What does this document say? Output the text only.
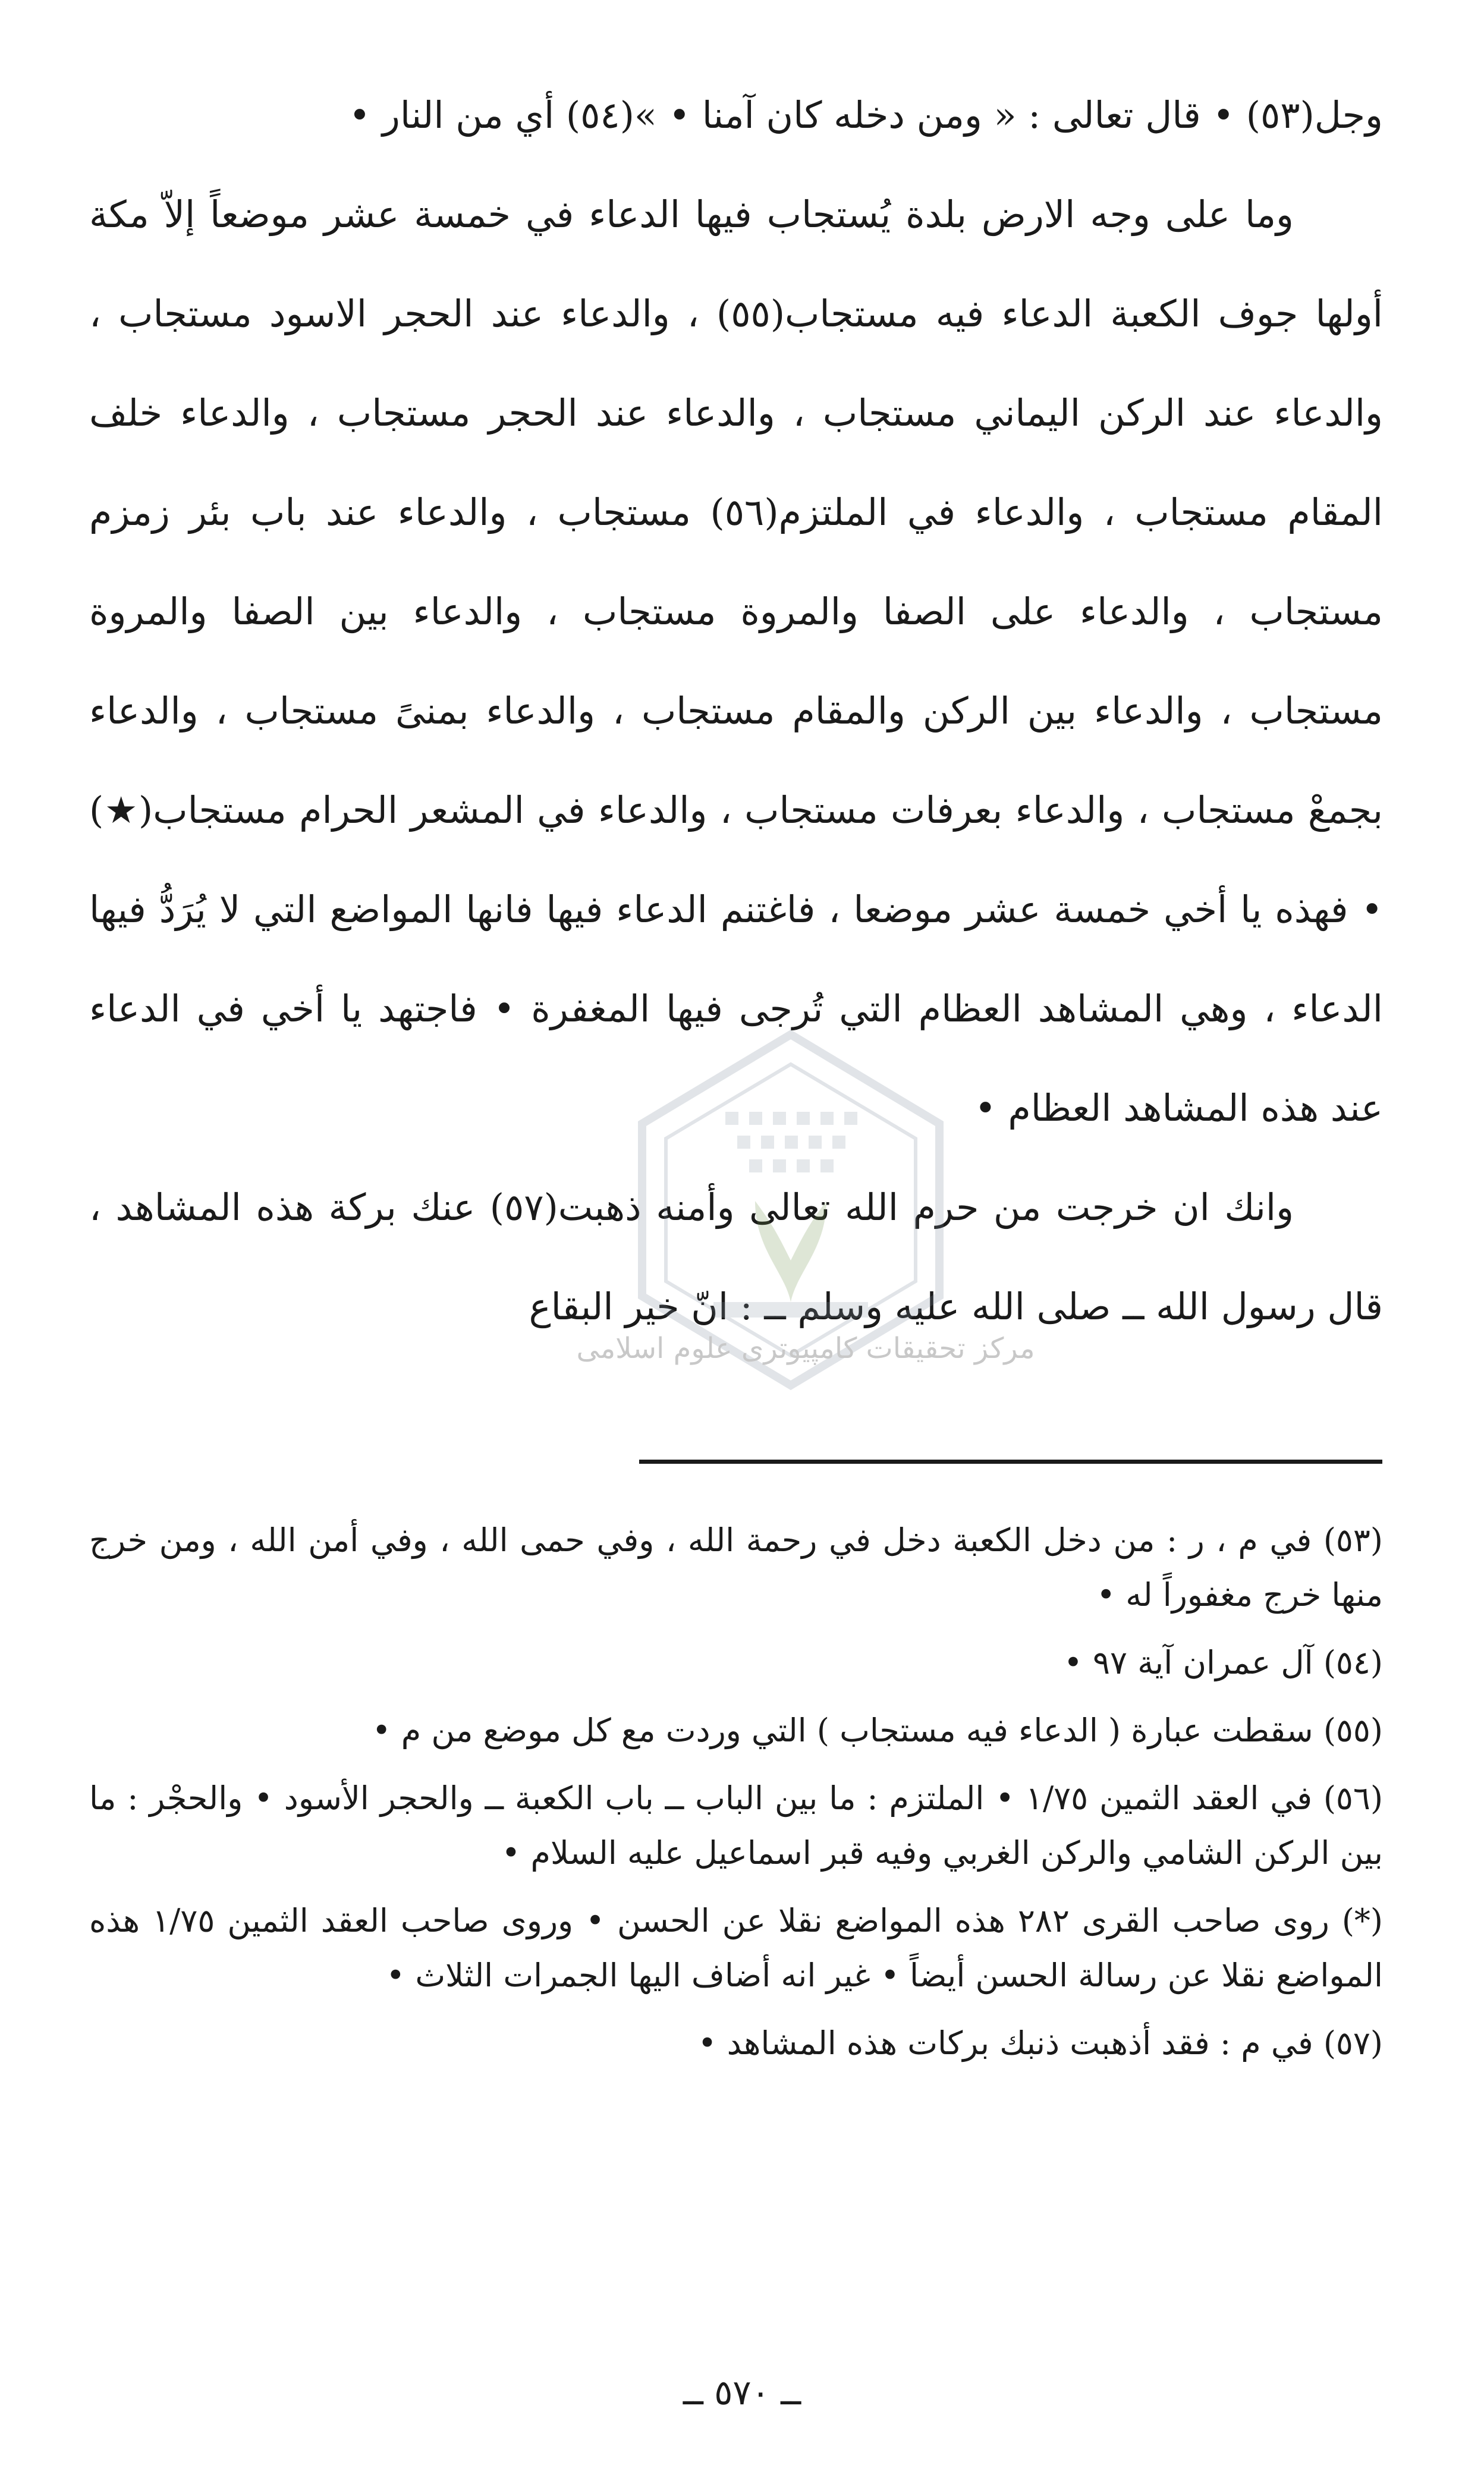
وجل(٥٣) • قال تعالى : « ومن دخله كان آمنا • »(٥٤) أي من النار •

وما على وجه الارض بلدة يُستجاب فيها الدعاء في خمسة عشر موضعاً إلاّ مكة أولها جوف الكعبة الدعاء فيه مستجاب(٥٥) ، والدعاء عند الحجر الاسود مستجاب ، والدعاء عند الركن اليماني مستجاب ، والدعاء عند الحجر مستجاب ، والدعاء خلف المقام مستجاب ، والدعاء في الملتزم(٥٦) مستجاب ، والدعاء عند باب بئر زمزم مستجاب ، والدعاء على الصفا والمروة مستجاب ، والدعاء بين الصفا والمروة مستجاب ، والدعاء بين الركن والمقام مستجاب ، والدعاء بمنىً مستجاب ، والدعاء بجمعْ مستجاب ، والدعاء بعرفات مستجاب ، والدعاء في المشعر الحرام مستجاب(★) • فهذه يا أخي خمسة عشر موضعا ، فاغتنم الدعاء فيها فانها المواضع التي لا يُرَدُّ فيها الدعاء ، وهي المشاهد العظام التي تُرجى فيها المغفرة • فاجتهد يا أخي في الدعاء عند هذه المشاهد العظام •

وانك ان خرجت من حرم الله تعالى وأمنه ذهبت(٥٧) عنك بركة هذه المشاهد ، قال رسول الله ــ صلى الله عليه وسلم ــ : انّ خير البقاع

مرکز تحقیقات کامپیوتری علوم اسلامی

(٥٣) في م ، ر : من دخل الكعبة دخل في رحمة الله ، وفي حمى الله ، وفي أمن الله ، ومن خرج منها خرج مغفوراً له •

(٥٤) آل عمران آية ٩٧ •

(٥٥) سقطت عبارة ( الدعاء فيه مستجاب ) التي وردت مع كل موضع من م •

(٥٦) في العقد الثمين ١/٧٥ • الملتزم : ما بين الباب ــ باب الكعبة ــ والحجر الأسود • والحجْر : ما بين الركن الشامي والركن الغربي وفيه قبر اسماعيل عليه السلام •

(*) روى صاحب القرى ٢٨٢ هذه المواضع نقلا عن الحسن • وروى صاحب العقد الثمين ١/٧٥ هذه المواضع نقلا عن رسالة الحسن أيضاً • غير انه أضاف اليها الجمرات الثلاث •

(٥٧) في م : فقد أذهبت ذنبك بركات هذه المشاهد •

ــ ٥٧٠ ــ
